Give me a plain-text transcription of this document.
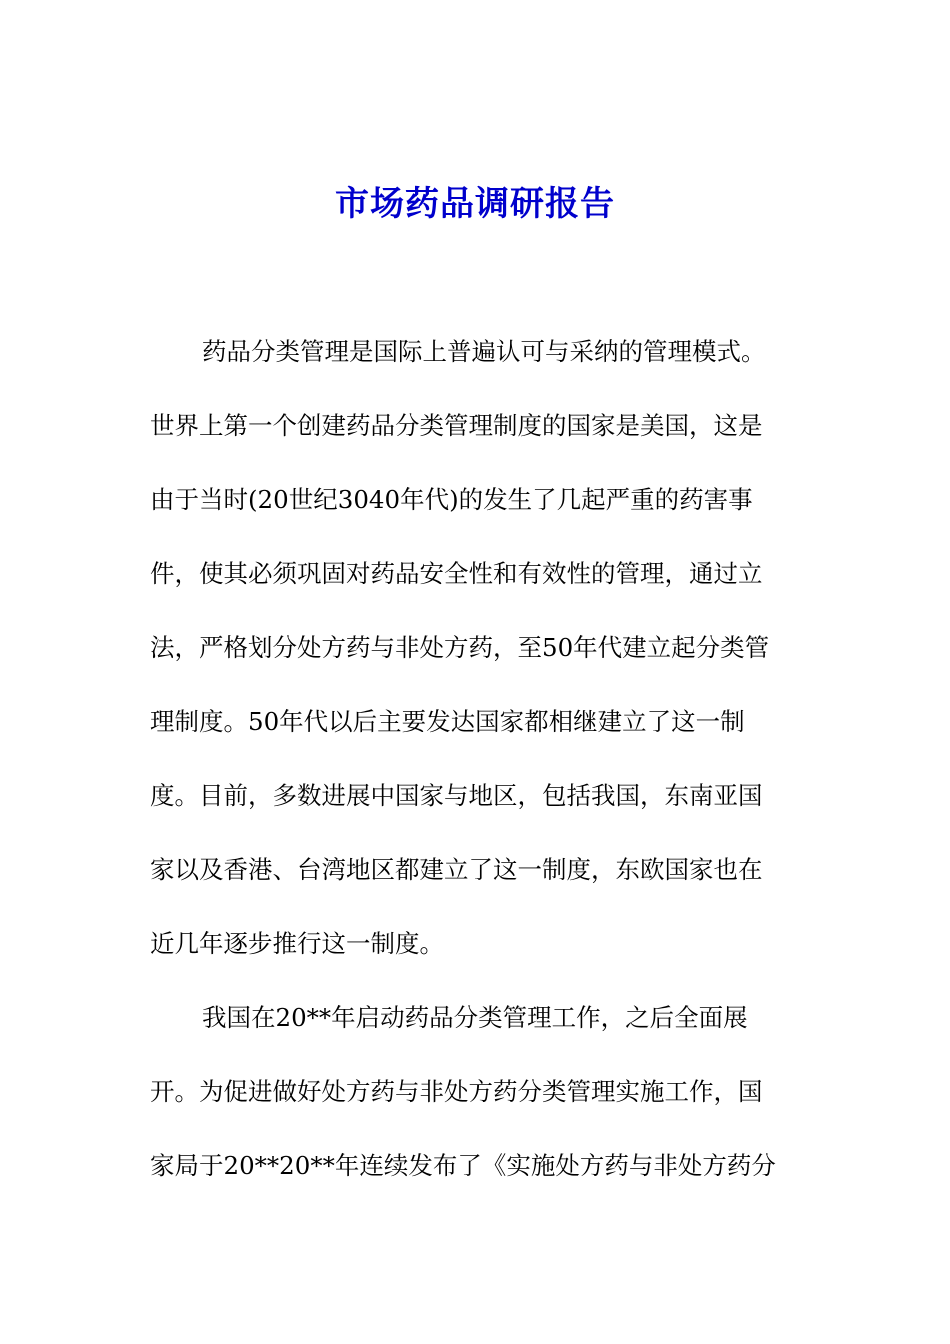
市场药品调研报告
药品分类管理是国际上普遍认可与采纳的管理模式。
世界上第一个创建药品分类管理制度的国家是美国，这是
由于当时(20世纪3040年代)的发生了几起严重的药害事
件，使其必须巩固对药品安全性和有效性的管理，通过立
法，严格划分处方药与非处方药，至50年代建立起分类管
理制度。50年代以后主要发达国家都相继建立了这一制
度。目前，多数进展中国家与地区，包括我国，东南亚国
家以及香港、台湾地区都建立了这一制度，东欧国家也在
近几年逐步推行这一制度。
我国在20**年启动药品分类管理工作，之后全面展
开。为促进做好处方药与非处方药分类管理实施工作，国
家局于20**20**年连续发布了《实施处方药与非处方药分
